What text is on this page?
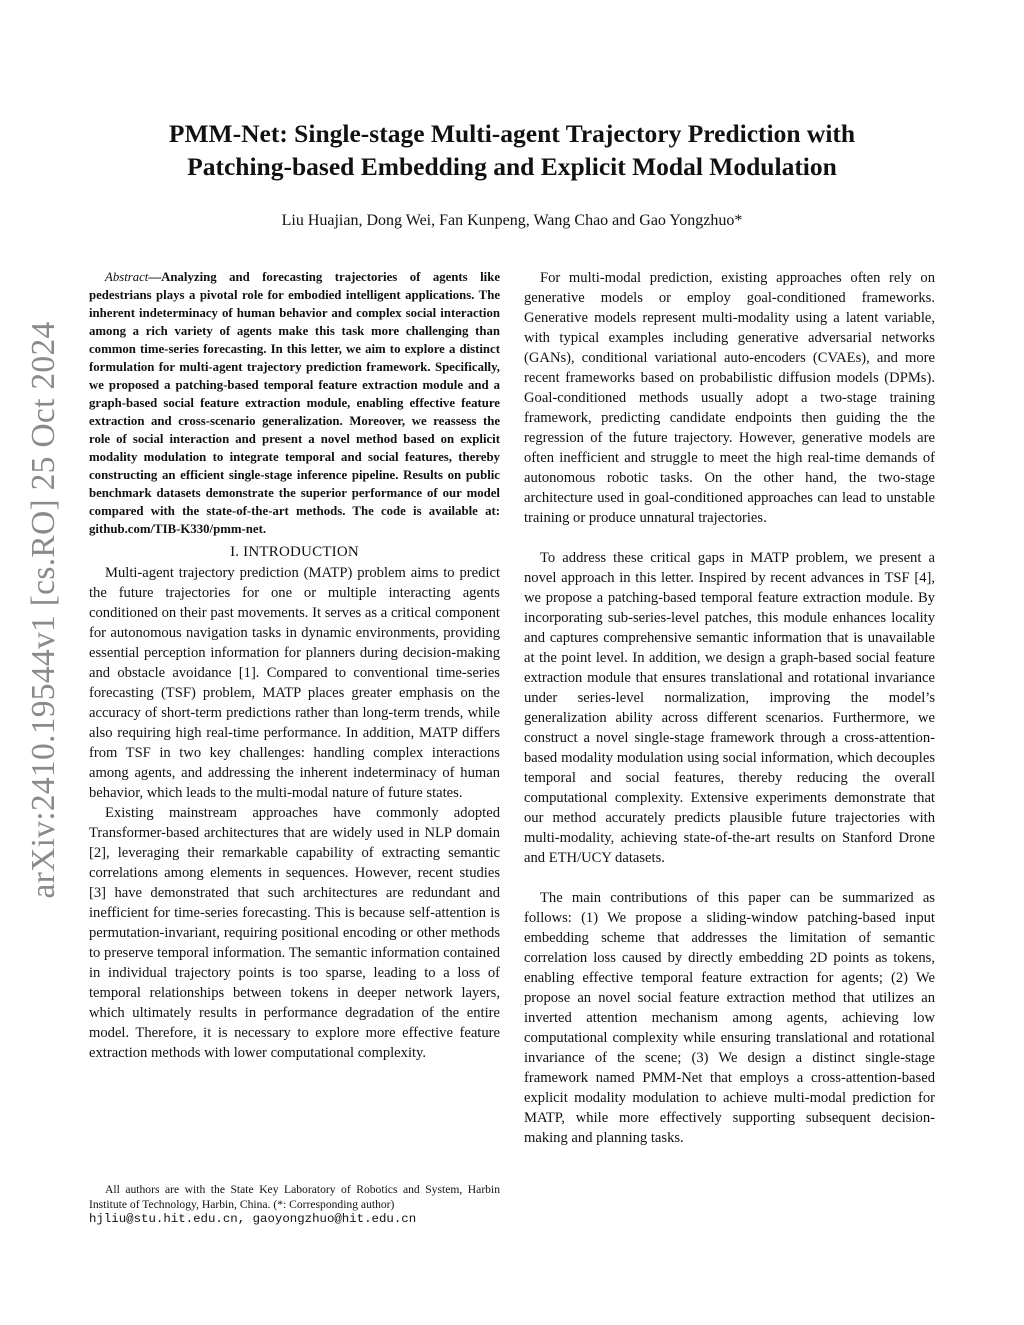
arXiv:2410.19544v1 [cs.RO] 25 Oct 2024
PMM-Net: Single-stage Multi-agent Trajectory Prediction with
Patching-based Embedding and Explicit Modal Modulation
Liu Huajian, Dong Wei, Fan Kunpeng, Wang Chao and Gao Yongzhuo*

Abstract—Analyzing and forecasting trajectories of agents like pedestrians plays a pivotal role for embodied intelligent applications. The inherent indeterminacy of human behavior and complex social interaction among a rich variety of agents make this task more challenging than common time-series forecasting. In this letter, we aim to explore a distinct formulation for multi-agent trajectory prediction framework. Specifically, we proposed a patching-based temporal feature extraction module and a graph-based social feature extraction module, enabling effective feature extraction and cross-scenario generalization. Moreover, we reassess the role of social interaction and present a novel method based on explicit modality modulation to integrate temporal and social features, thereby constructing an efficient single-stage inference pipeline. Results on public benchmark datasets demonstrate the superior performance of our model compared with the state-of-the-art methods. The code is available at: github.com/TIB-K330/pmm-net.

I. INTRODUCTION

Multi-agent trajectory prediction (MATP) problem aims to predict the future trajectories for one or multiple interacting agents conditioned on their past movements. It serves as a critical component for autonomous navigation tasks in dynamic environments, providing essential perception information for planners during decision-making and obstacle avoidance [1]. Compared to conventional time-series forecasting (TSF) problem, MATP places greater emphasis on the accuracy of short-term predictions rather than long-term trends, while also requiring high real-time performance. In addition, MATP differs from TSF in two key challenges: handling complex interactions among agents, and addressing the inherent indeterminacy of human behavior, which leads to the multi-modal nature of future states.

Existing mainstream approaches have commonly adopted Transformer-based architectures that are widely used in NLP domain [2], leveraging their remarkable capability of extracting semantic correlations among elements in sequences. However, recent studies [3] have demonstrated that such architectures are redundant and inefficient for time-series forecasting. This is because self-attention is permutation-invariant, requiring positional encoding or other methods to preserve temporal information. The semantic information contained in individual trajectory points is too sparse, leading to a loss of temporal relationships between tokens in deeper network layers, which ultimately results in performance degradation of the entire model. Therefore, it is necessary to explore more effective feature extraction methods with lower computational complexity.

All authors are with the State Key Laboratory of Robotics and System, Harbin Institute of Technology, Harbin, China. (*: Corresponding author)
hjliu@stu.hit.edu.cn, gaoyongzhuo@hit.edu.cn

For multi-modal prediction, existing approaches often rely on generative models or employ goal-conditioned frameworks. Generative models represent multi-modality using a latent variable, with typical examples including generative adversarial networks (GANs), conditional variational auto-encoders (CVAEs), and more recent frameworks based on probabilistic diffusion models (DPMs). Goal-conditioned methods usually adopt a two-stage training framework, predicting candidate endpoints then guiding the the regression of the future trajectory. However, generative models are often inefficient and struggle to meet the high real-time demands of autonomous robotic tasks. On the other hand, the two-stage architecture used in goal-conditioned approaches can lead to unstable training or produce unnatural trajectories.

To address these critical gaps in MATP problem, we present a novel approach in this letter. Inspired by recent advances in TSF [4], we propose a patching-based temporal feature extraction module. By incorporating sub-series-level patches, this module enhances locality and captures comprehensive semantic information that is unavailable at the point level. In addition, we design a graph-based social feature extraction module that ensures translational and rotational invariance under series-level normalization, improving the model’s generalization ability across different scenarios. Furthermore, we construct a novel single-stage framework through a cross-attention-based modality modulation using social information, which decouples temporal and social features, thereby reducing the overall computational complexity. Extensive experiments demonstrate that our method accurately predicts plausible future trajectories with multi-modality, achieving state-of-the-art results on Stanford Drone and ETH/UCY datasets.

The main contributions of this paper can be summarized as follows: (1) We propose a sliding-window patching-based input embedding scheme that addresses the limitation of semantic correlation loss caused by directly embedding 2D points as tokens, enabling effective temporal feature extraction for agents; (2) We propose an novel social feature extraction method that utilizes an inverted attention mechanism among agents, achieving low computational complexity while ensuring translational and rotational invariance of the scene; (3) We design a distinct single-stage framework named PMM-Net that employs a cross-attention-based explicit modality modulation to achieve multi-modal prediction for MATP, while more effectively supporting subsequent decision-making and planning tasks.
